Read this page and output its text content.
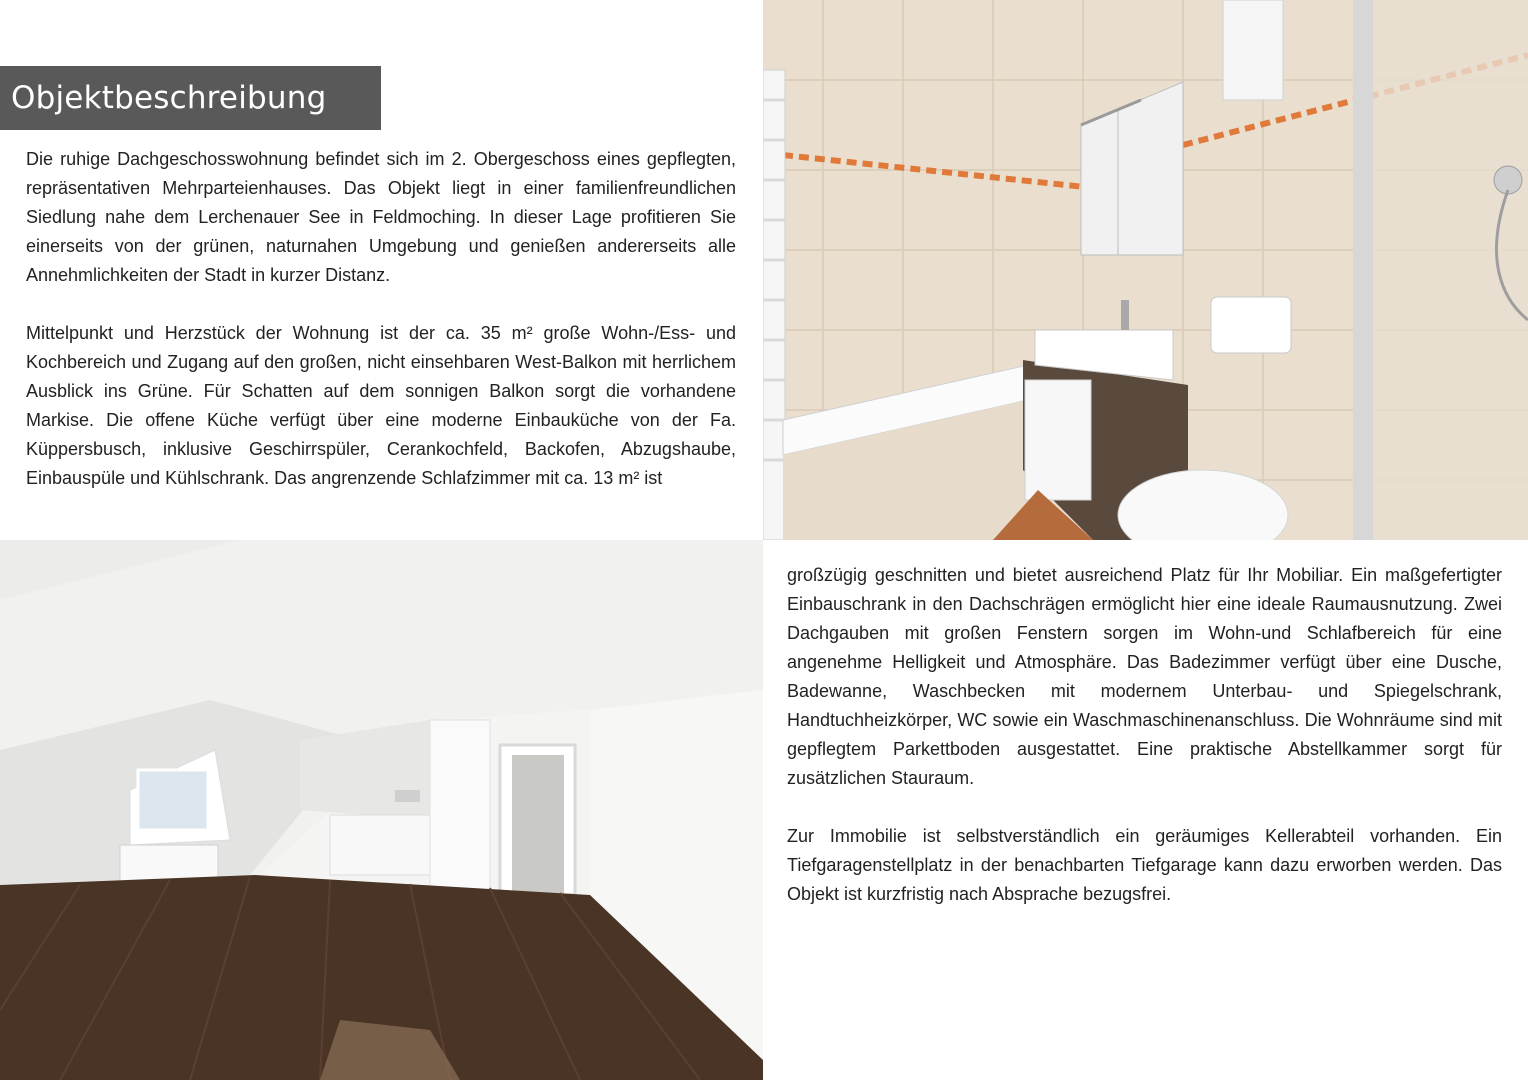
Objektbeschreibung

Die ruhige Dachgeschosswohnung befindet sich im 2. Obergeschoss eines gepflegten, repräsentativen Mehrparteienhauses. Das Objekt liegt in einer familienfreundlichen Siedlung nahe dem Lerchenauer See in Feldmoching. In dieser Lage profitieren Sie einerseits von der grünen, naturnahen Umgebung und genießen andererseits alle Annehmlichkeiten der Stadt in kurzer Distanz.

Mittelpunkt und Herzstück der Wohnung ist der ca. 35 m² große Wohn-/Ess- und Kochbereich und Zugang auf den großen, nicht einsehbaren West-Balkon mit herrlichem Ausblick ins Grüne. Für Schatten auf dem sonnigen Balkon sorgt die vorhandene Markise. Die offene Küche verfügt über eine moderne Einbauküche von der Fa. Küppersbusch, inklusive Geschirrspüler, Cerankochfeld, Backofen, Abzugshaube, Einbauspüle und Kühlschrank. Das angrenzende Schlafzimmer mit ca. 13 m² ist

großzügig geschnitten und bietet ausreichend Platz für Ihr Mobiliar. Ein maßgefertigter Einbauschrank in den Dachschrägen ermöglicht hier eine ideale Raumausnutzung. Zwei Dachgauben mit großen Fenstern sorgen im Wohn-und Schlafbereich für eine angenehme Helligkeit und Atmosphäre. Das Badezimmer verfügt über eine Dusche, Badewanne, Waschbecken mit modernem Unterbau- und Spiegelschrank, Handtuchheizkörper, WC sowie ein Waschmaschinenanschluss. Die Wohnräume sind mit gepflegtem Parkettboden ausgestattet. Eine praktische Abstellkammer sorgt für zusätzlichen Stauraum.

Zur Immobilie ist selbstverständlich ein geräumiges Kellerabteil vorhanden. Ein Tiefgaragenstellplatz in der benachbarten Tiefgarage kann dazu erworben werden. Das Objekt ist kurzfristig nach Absprache bezugsfrei.
